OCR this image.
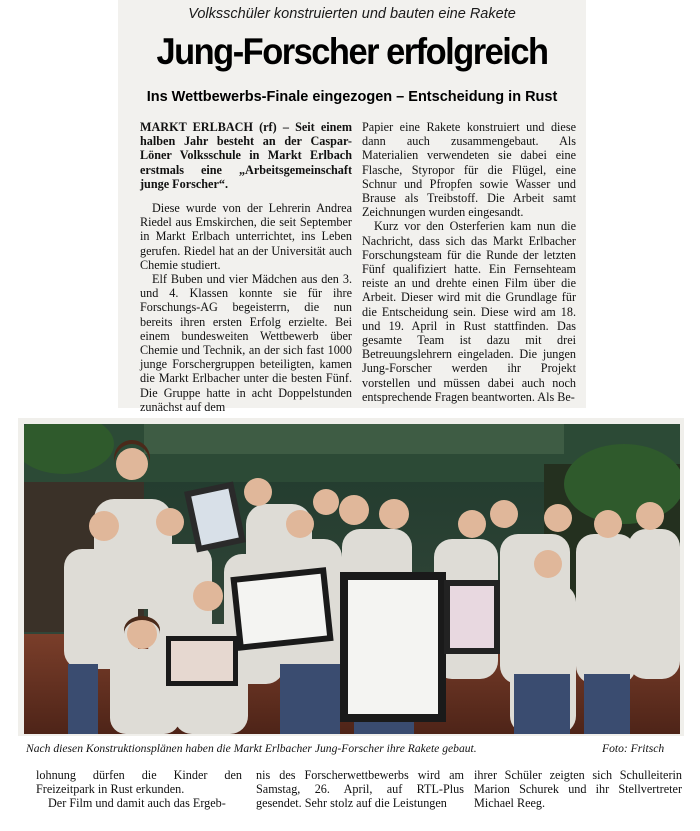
Volksschüler konstruierten und bauten eine Rakete
Jung-Forscher erfolgreich
Ins Wettbewerbs-Finale eingezogen – Entscheidung in Rust

MARKT ERLBACH (rf) – Seit einem halben Jahr besteht an der Caspar-Löner Volksschule in Markt Erlbach erstmals eine „Arbeitsgemeinschaft junge Forscher“.

Diese wurde von der Lehrerin Andrea Riedel aus Emskirchen, die seit September in Markt Erlbach unterrichtet, ins Leben gerufen. Riedel hat an der Universität auch Chemie studiert.

Elf Buben und vier Mädchen aus den 3. und 4. Klassen konnte sie für ihre Forschungs-AG begeisterrn, die nun bereits ihren ersten Erfolg erzielte. Bei einem bundesweiten Wettbewerb über Chemie und Technik, an der sich fast 1000 junge Forschergruppen beteiligten, kamen die Markt Erlbacher unter die besten Fünf. Die Gruppe hatte in acht Doppelstunden zunächst auf dem

Papier eine Rakete konstruiert und diese dann auch zusammengebaut. Als Materialien verwendeten sie dabei eine Flasche, Styropor für die Flügel, eine Schnur und Pfropfen sowie Wasser und Brause als Treibstoff. Die Arbeit samt Zeichnungen wurden eingesandt.

Kurz vor den Osterferien kam nun die Nachricht, dass sich das Markt Erlbacher Forschungsteam für die Runde der letzten Fünf qualifiziert hatte. Ein Fernsehteam reiste an und drehte einen Film über die Arbeit. Dieser wird mit die Grundlage für die Entscheidung sein. Diese wird am 18. und 19. April in Rust stattfinden. Das gesamte Team ist dazu mit drei Betreuungslehrern eingeladen. Die jungen Jung-Forscher werden ihr Projekt vorstellen und müssen dabei auch noch entsprechende Fragen beantworten. Als Be-

Nach diesen Konstruktionsplänen haben die Markt Erlbacher Jung-Forscher ihre Rakete gebaut.	Foto: Fritsch

lohnung dürfen die Kinder den Freizeitpark in Rust erkunden.

Der Film und damit auch das Ergeb-

nis des Forscherwettbewerbs wird am Samstag, 26. April, auf RTL-Plus gesendet. Sehr stolz auf die Leistungen

ihrer Schüler zeigten sich Schulleiterin Marion Schurek und ihr Stellvertreter Michael Reeg.
